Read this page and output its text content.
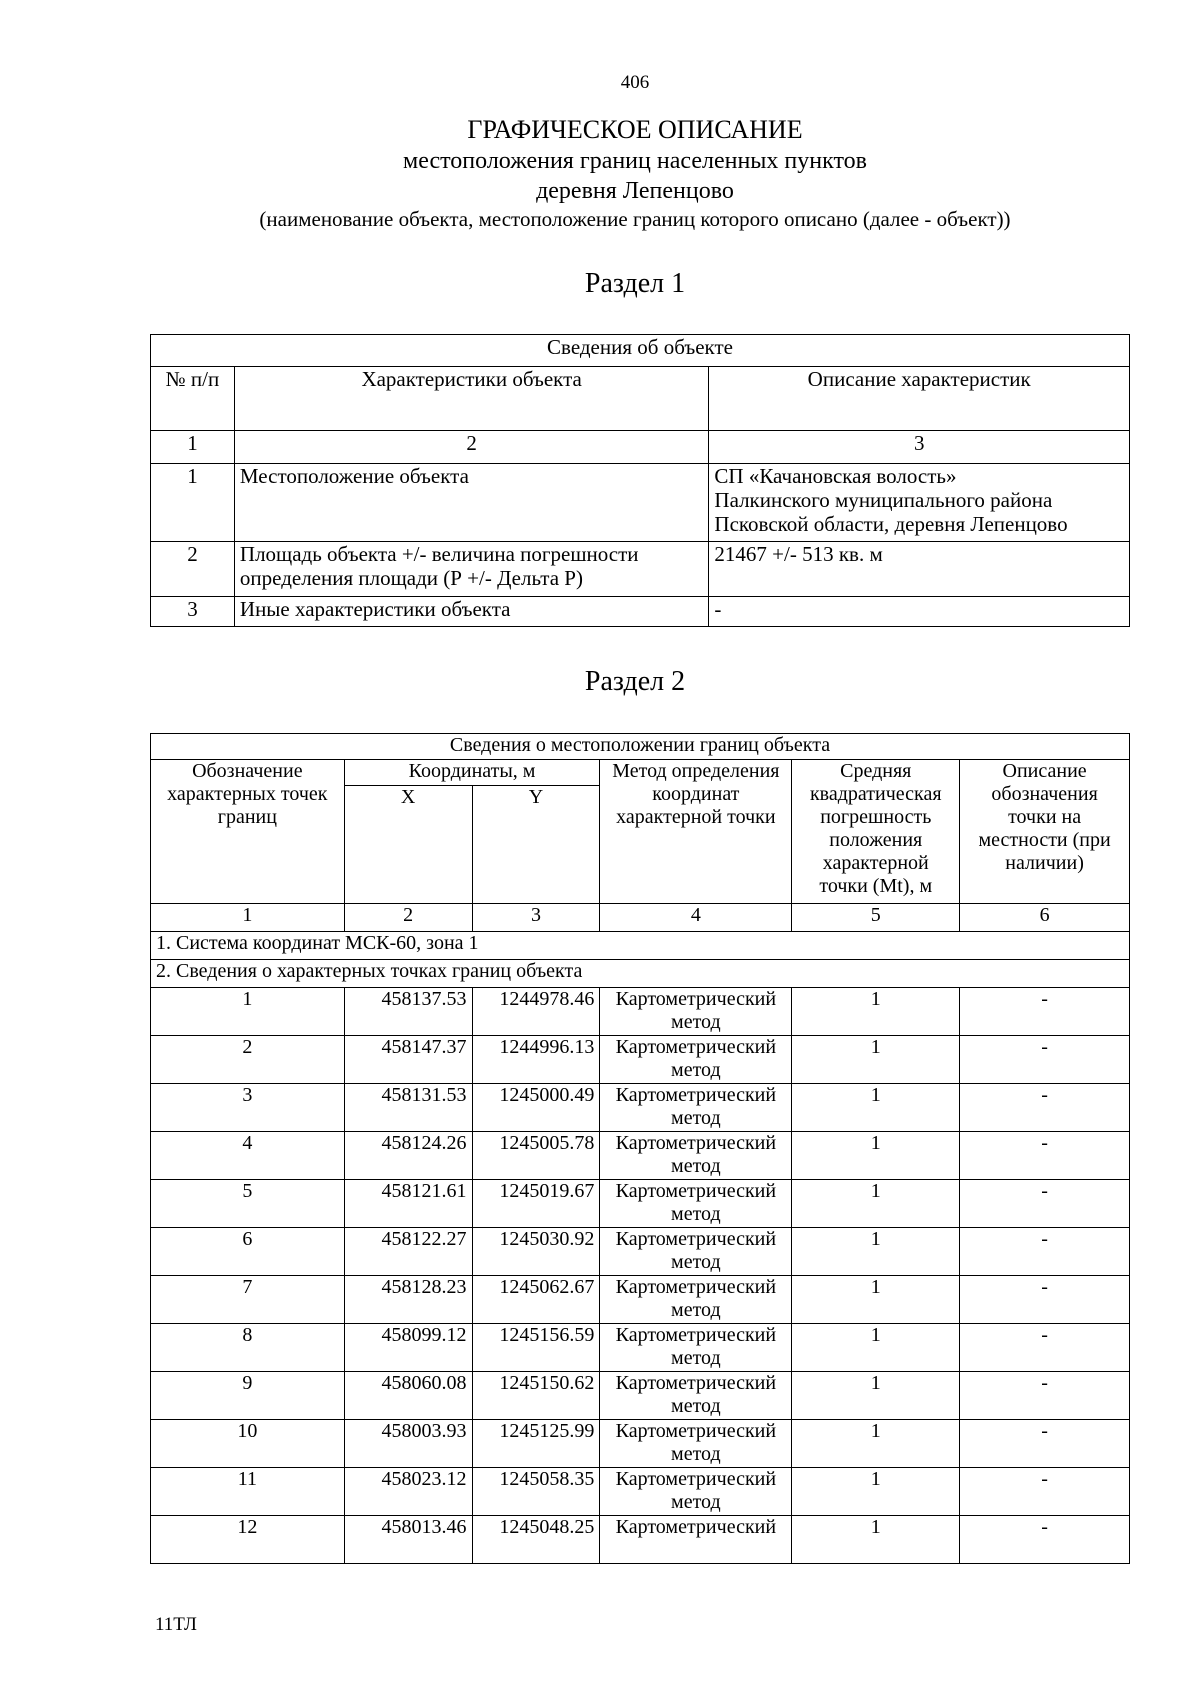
406
ГРАФИЧЕСКОЕ ОПИСАНИЕ
местоположения границ населенных пунктов
деревня Лепенцово
(наименование объекта, местоположение границ которого описано (далее - объект))
Раздел 1
Сведения об объекте		
№ п/п	Характеристики объекта	Описание характеристик
1	2	3
1	Местоположение объекта	СП «Качановская волость»
Палкинского муниципального района
Псковской области, деревня Лепенцово

2	Площадь объекта +/- величина погрешности определения площади (Р +/- Дельта Р)	21467 +/- 513 кв. м
3	Иные характеристики объекта	-
Раздел 2
Сведения о местоположении границ объекта					
Обозначение характерных точек границ	Координаты, м		Метод определения координат характерной точки	Средняя квадратическая погрешность положения характерной точки (Mt), м	Описание обозначения точки на местности (при наличии)
	X	Y			
1	2	3	4	5	6
1. Система координат МСК-60, зона 1					
2. Сведения о характерных точках границ объекта					
1	458137.53	1244978.46	Картометрический метод	1	-
2	458147.37	1244996.13	Картометрический метод	1	-
3	458131.53	1245000.49	Картометрический метод	1	-
4	458124.26	1245005.78	Картометрический метод	1	-
5	458121.61	1245019.67	Картометрический метод	1	-
6	458122.27	1245030.92	Картометрический метод	1	-
7	458128.23	1245062.67	Картометрический метод	1	-
8	458099.12	1245156.59	Картометрический метод	1	-
9	458060.08	1245150.62	Картометрический метод	1	-
10	458003.93	1245125.99	Картометрический метод	1	-
11	458023.12	1245058.35	Картометрический метод	1	-
12	458013.46	1245048.25	Картометрический	1	-
11ТЛ
